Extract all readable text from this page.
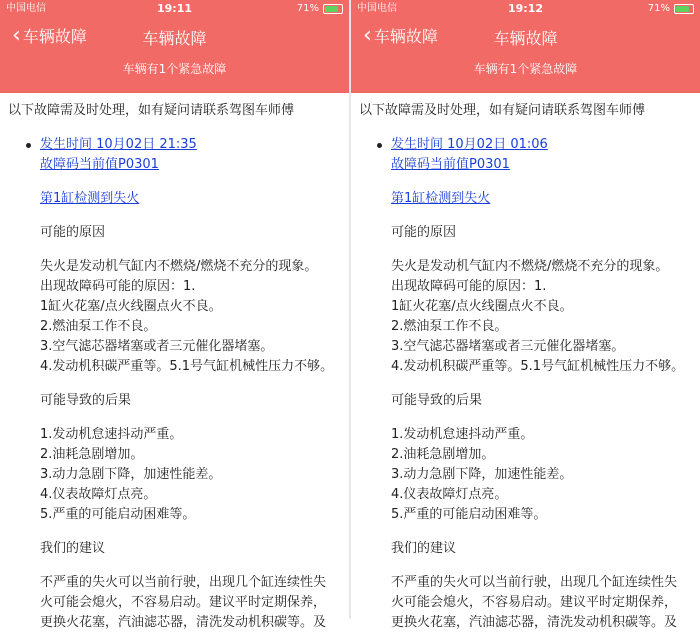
中国电信	19:11	71%
‹ 车辆故障	车辆故障
车辆有1个紧急故障

以下故障需及时处理，如有疑问请联系驾图车师傅

发生时间 10月02日 21:35
故障码当前值P0301
第1缸检测到失火
可能的原因
失火是发动机气缸内不燃烧/燃烧不充分的现象。
出现故障码可能的原因：1.
1缸火花塞/点火线圈点火不良。
2.燃油泵工作不良。
3.空气滤芯器堵塞或者三元催化器堵塞。
4.发动机积碳严重等。5.1号气缸机械性压力不够。
可能导致的后果
1.发动机怠速抖动严重。
2.油耗急剧增加。
3.动力急剧下降，加速性能差。
4.仪表故障灯点亮。
5.严重的可能启动困难等。
我们的建议
不严重的失火可以当前行驶，出现几个缸连续性失
火可能会熄火，不容易启动。建议平时定期保养，
更换火花塞，汽油滤芯器，清洗发动机积碳等。及
中国电信	19:12	71%
‹ 车辆故障	车辆故障
车辆有1个紧急故障

以下故障需及时处理，如有疑问请联系驾图车师傅

发生时间 10月02日 01:06
故障码当前值P0301
第1缸检测到失火
可能的原因
失火是发动机气缸内不燃烧/燃烧不充分的现象。
出现故障码可能的原因：1.
1缸火花塞/点火线圈点火不良。
2.燃油泵工作不良。
3.空气滤芯器堵塞或者三元催化器堵塞。
4.发动机积碳严重等。5.1号气缸机械性压力不够。
可能导致的后果
1.发动机怠速抖动严重。
2.油耗急剧增加。
3.动力急剧下降，加速性能差。
4.仪表故障灯点亮。
5.严重的可能启动困难等。
我们的建议
不严重的失火可以当前行驶，出现几个缸连续性失
火可能会熄火，不容易启动。建议平时定期保养，
更换火花塞，汽油滤芯器，清洗发动机积碳等。及
